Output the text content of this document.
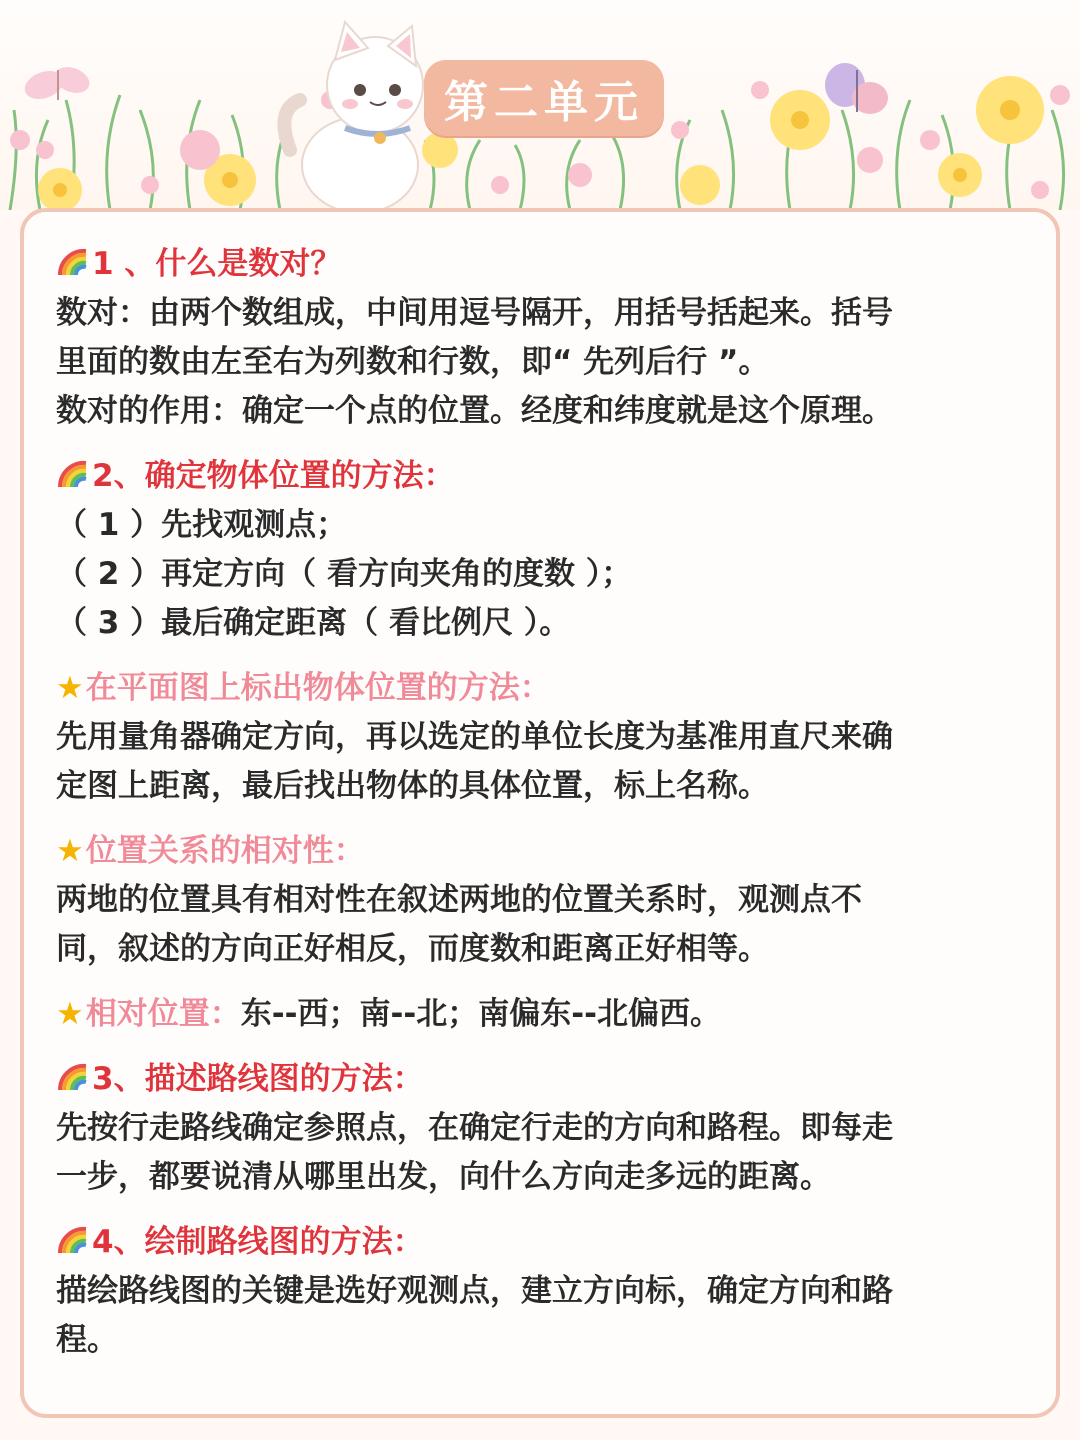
第二单元
1 、什么是数对？

数对：由两个数组成，中间用逗号隔开，用括号括起来。括号

里面的数由左至右为列数和行数，即“ 先列后行 ”。

数对的作用：确定一个点的位置。经度和纬度就是这个原理。

2、确定物体位置的方法：

（ 1 ）先找观测点；

（ 2 ）再定方向（ 看方向夹角的度数 ）；

（ 3 ）最后确定距离（ 看比例尺 ）。

★在平面图上标出物体位置的方法：

先用量角器确定方向，再以选定的单位长度为基准用直尺来确

定图上距离，最后找出物体的具体位置，标上名称。

★位置关系的相对性：

两地的位置具有相对性在叙述两地的位置关系时，观测点不

同，叙述的方向正好相反，而度数和距离正好相等。

★相对位置：东--西；南--北；南偏东--北偏西。
3、描述路线图的方法：

先按行走路线确定参照点，在确定行走的方向和路程。即每走

一步，都要说清从哪里出发，向什么方向走多远的距离。

4、绘制路线图的方法：

描绘路线图的关键是选好观测点，建立方向标，确定方向和路

程。
